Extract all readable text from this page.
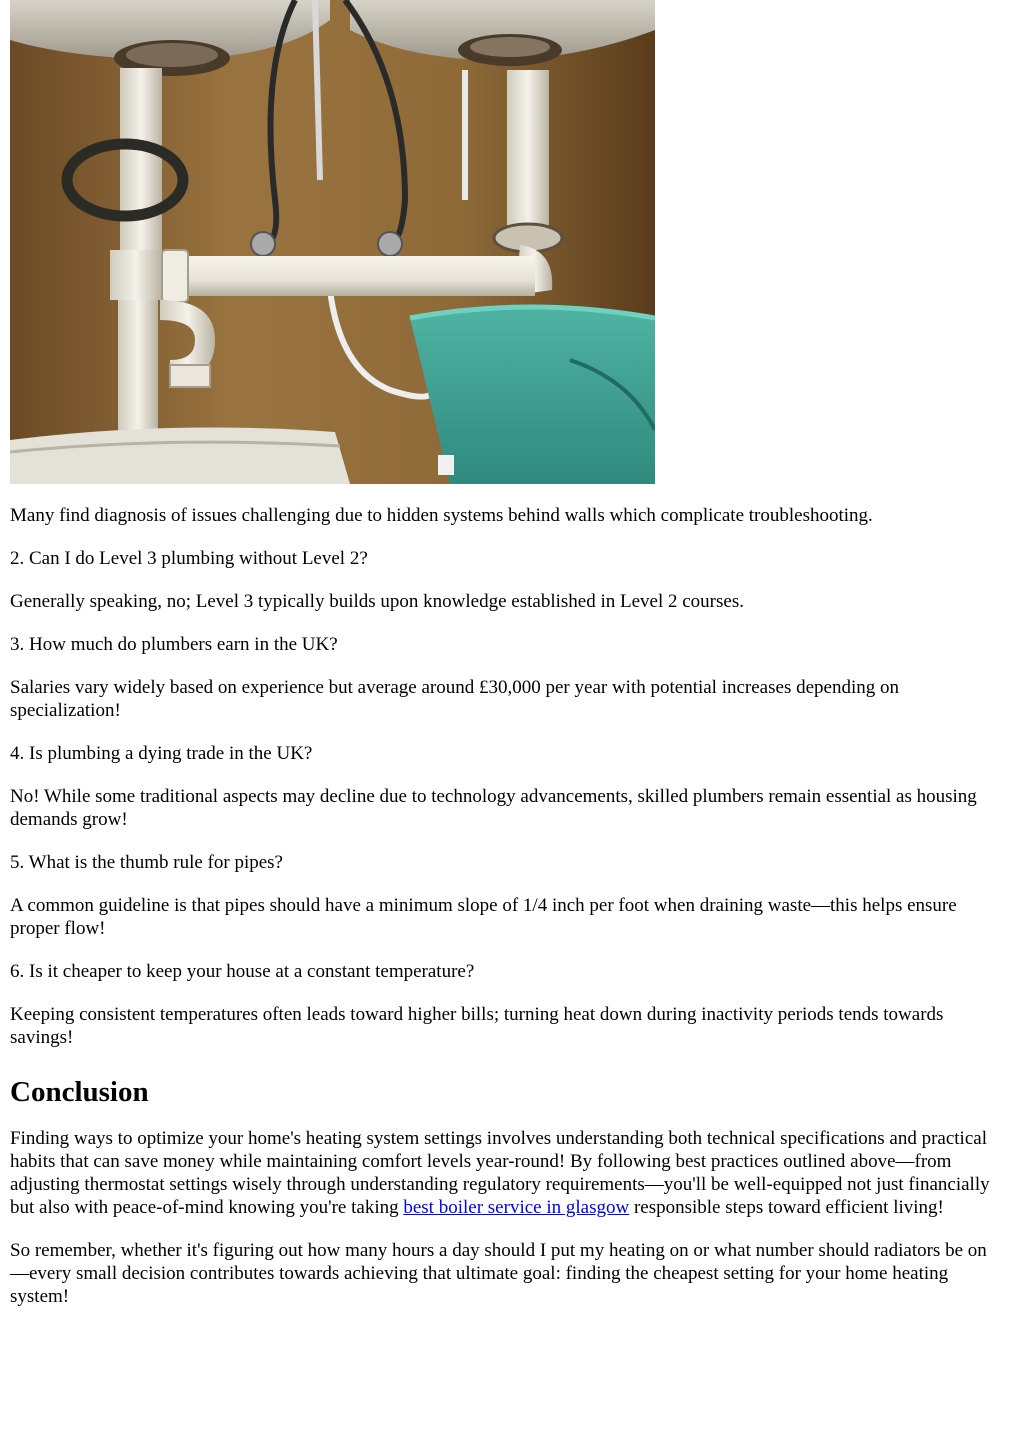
Many find diagnosis of issues challenging due to hidden systems behind walls which complicate troubleshooting.

2. Can I do Level 3 plumbing without Level 2?

Generally speaking, no; Level 3 typically builds upon knowledge established in Level 2 courses.

3. How much do plumbers earn in the UK?

Salaries vary widely based on experience but average around £30,000 per year with potential increases depending on specialization!

4. Is plumbing a dying trade in the UK?

No! While some traditional aspects may decline due to technology advancements, skilled plumbers remain essential as housing demands grow!

5. What is the thumb rule for pipes?

A common guideline is that pipes should have a minimum slope of 1/4 inch per foot when draining waste—this helps ensure proper flow!

6. Is it cheaper to keep your house at a constant temperature?

Keeping consistent temperatures often leads toward higher bills; turning heat down during inactivity periods tends towards savings!

Conclusion

Finding ways to optimize your home's heating system settings involves understanding both technical specifications and practical habits that can save money while maintaining comfort levels year-round! By following best practices outlined above—from adjusting thermostat settings wisely through understanding regulatory requirements—you'll be well-equipped not just financially but also with peace-of-mind knowing you're taking best boiler service in glasgow responsible steps toward efficient living!

So remember, whether it's figuring out how many hours a day should I put my heating on or what number should radiators be on—every small decision contributes towards achieving that ultimate goal: finding the cheapest setting for your home heating system!
